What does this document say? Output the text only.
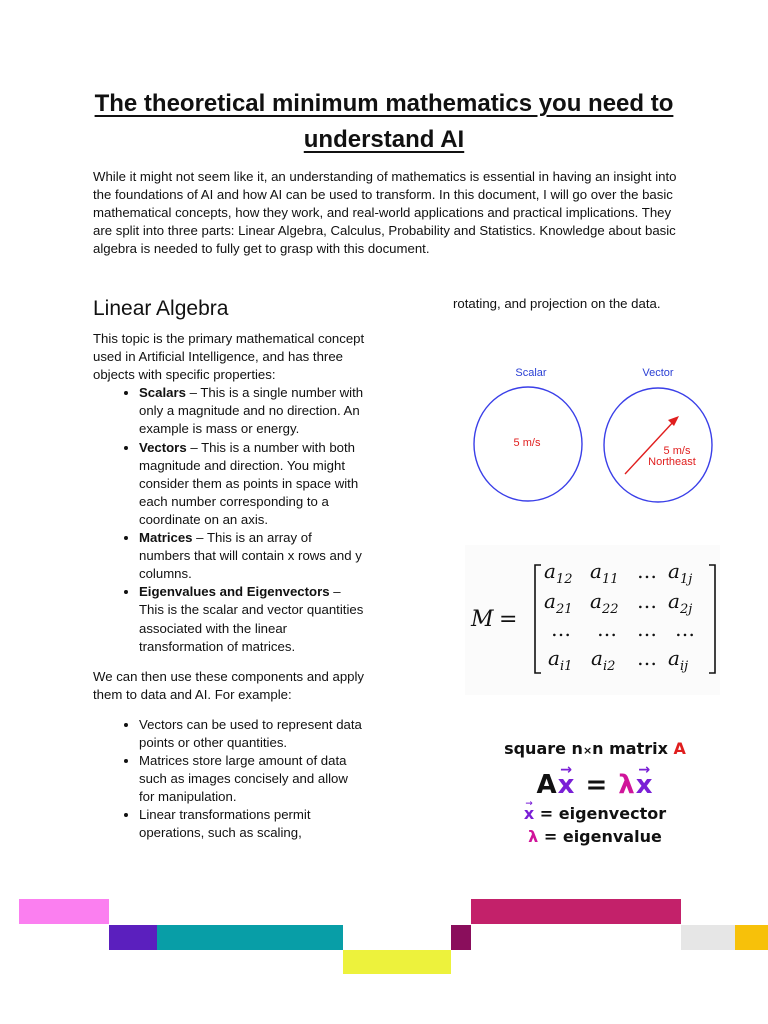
The theoretical minimum mathematics you need to understand AI

While it might not seem like it, an understanding of mathematics is essential in having an insight into the foundations of AI and how AI can be used to transform. In this document, I will go over the basic mathematical concepts, how they work, and real-world applications and practical implications. They are split into three parts: Linear Algebra, Calculus, Probability and Statistics. Knowledge about basic algebra is needed to fully get to grasp with this document.

Linear Algebra

This topic is the primary mathematical concept used in Artificial Intelligence, and has three objects with specific properties:

• Scalars – This is a single number with only a magnitude and no direction. An example is mass or energy.
• Vectors – This is a number with both magnitude and direction. You might consider them as points in space with each number corresponding to a coordinate on an axis.
• Matrices – This is an array of numbers that will contain x rows and y columns.
• Eigenvalues and Eigenvectors – This is the scalar and vector quantities associated with the linear transformation of matrices.

We can then use these components and apply them to data and AI. For example:

• Vectors can be used to represent data points or other quantities.
• Matrices store large amount of data such as images concisely and allow for manipulation.
• Linear transformations permit operations, such as scaling,

rotating, and projection on the data.

Scalar
5 m/s
Vector
5 m/s
Northeast
M =
$a_{12}$ $a_{11}$ … $a_{1j}$
$a_{21}$ $a_{22}$ … $a_{2j}$
… … … …
$a_{i1}$ $a_{i2}$ … $a_{ij}$
square n×n matrix A
A→ x = λ→ x
→ x = eigenvector
λ = eigenvalue
